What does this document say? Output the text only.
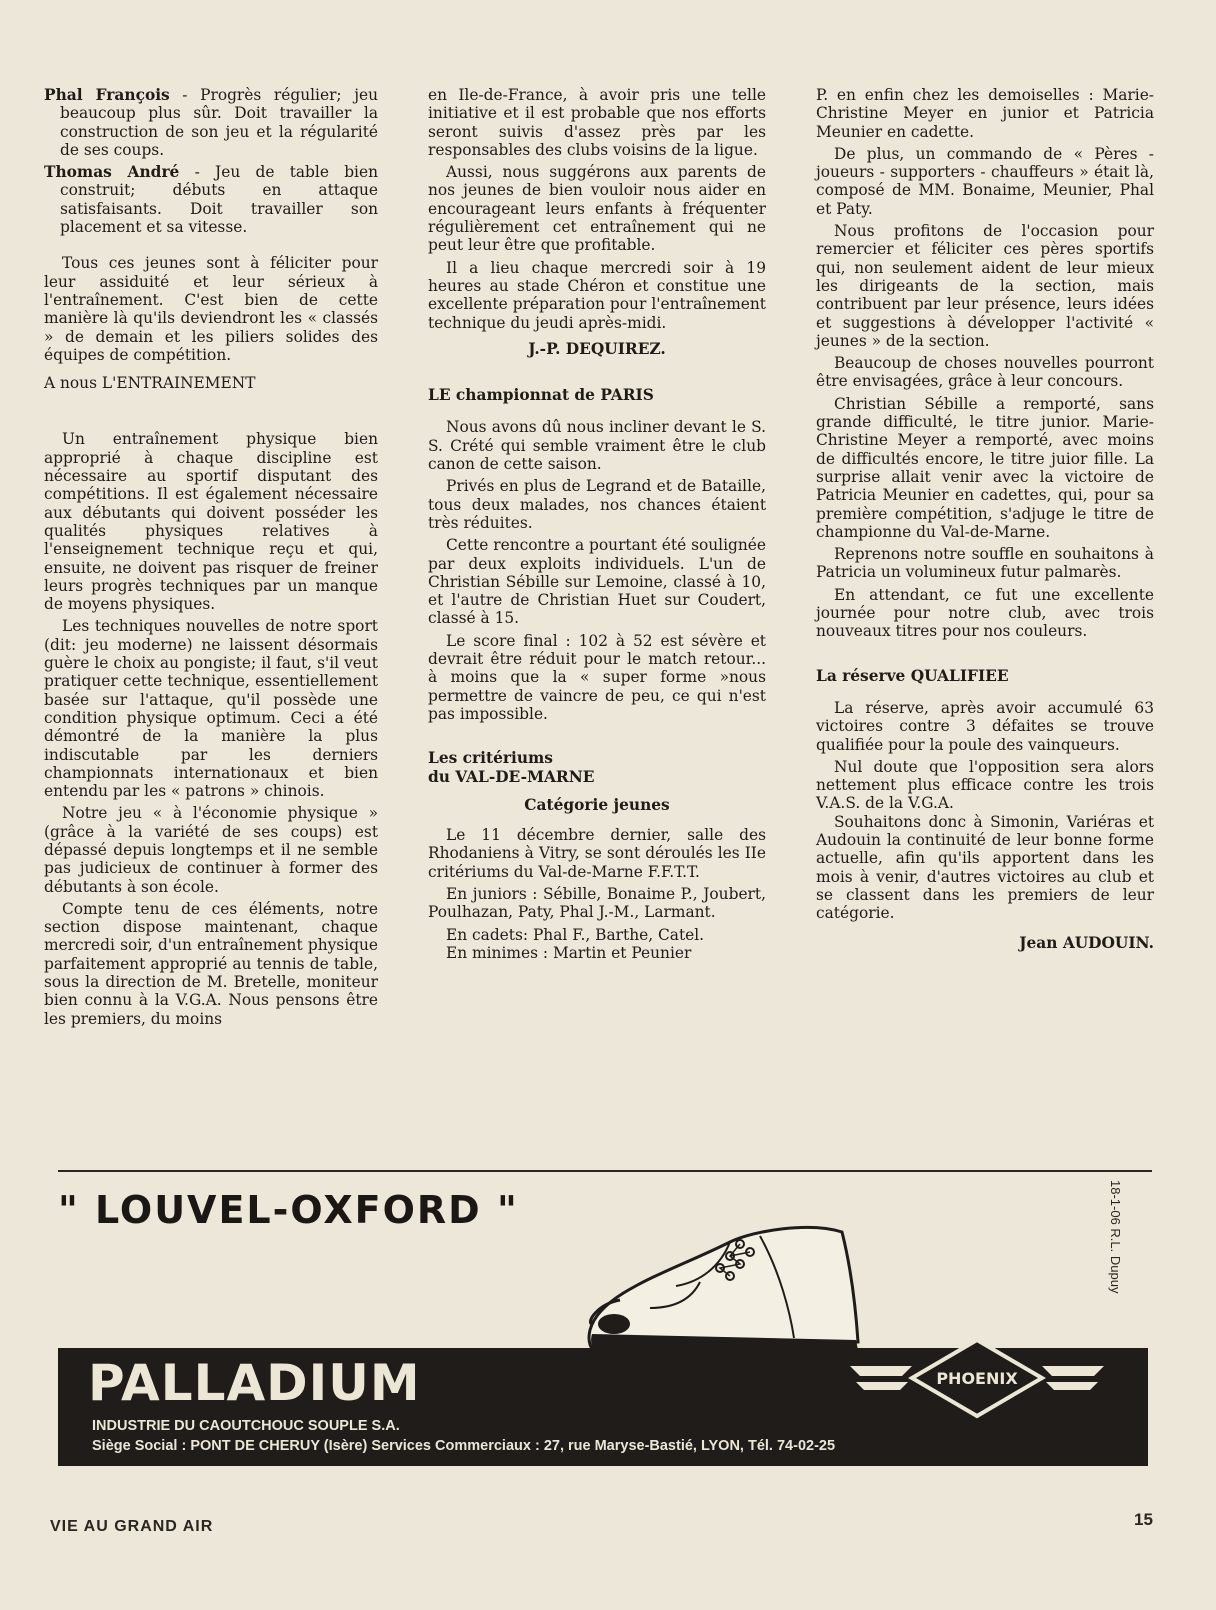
Phal François - Progrès régulier; jeu beaucoup plus sûr. Doit travailler la construction de son jeu et la régularité de ses coups.

Thomas André - Jeu de table bien construit; débuts en attaque satisfaisants. Doit travailler son placement et sa vitesse.

Tous ces jeunes sont à féliciter pour leur assiduité et leur sérieux à l'entraînement. C'est bien de cette manière là qu'ils deviendront les « classés » de demain et les piliers solides des équipes de compétition.

A nous L'ENTRAINEMENT

Un entraînement physique bien approprié à chaque discipline est nécessaire au sportif disputant des compétitions. Il est également nécessaire aux débutants qui doivent posséder les qualités physiques relatives à l'enseignement technique reçu et qui, ensuite, ne doivent pas risquer de freiner leurs progrès techniques par un manque de moyens physiques.

Les techniques nouvelles de notre sport (dit: jeu moderne) ne laissent désormais guère le choix au pongiste; il faut, s'il veut pratiquer cette technique, essentiellement basée sur l'attaque, qu'il possède une condition physique optimum. Ceci a été démontré de la manière la plus indiscutable par les derniers championnats internationaux et bien entendu par les « patrons » chinois.

Notre jeu « à l'économie physique » (grâce à la variété de ses coups) est dépassé depuis longtemps et il ne semble pas judicieux de continuer à former des débutants à son école.

Compte tenu de ces éléments, notre section dispose maintenant, chaque mercredi soir, d'un entraînement physique parfaitement approprié au tennis de table, sous la direction de M. Bretelle, moniteur bien connu à la V.G.A. Nous pensons être les premiers, du moins

en Ile-de-France, à avoir pris une telle initiative et il est probable que nos efforts seront suivis d'assez près par les responsables des clubs voisins de la ligue.

Aussi, nous suggérons aux parents de nos jeunes de bien vouloir nous aider en encourageant leurs enfants à fréquenter régulièrement cet entraînement qui ne peut leur être que profitable.

Il a lieu chaque mercredi soir à 19 heures au stade Chéron et constitue une excellente préparation pour l'entraînement technique du jeudi après-midi.

J.-P. DEQUIREZ.

LE championnat de PARIS

Nous avons dû nous incliner devant le S. S. Crété qui semble vraiment être le club canon de cette saison.

Privés en plus de Legrand et de Bataille, tous deux malades, nos chances étaient très réduites.

Cette rencontre a pourtant été soulignée par deux exploits individuels. L'un de Christian Sébille sur Lemoine, classé à 10, et l'autre de Christian Huet sur Coudert, classé à 15.

Le score final : 102 à 52 est sévère et devrait être réduit pour le match retour... à moins que la « super forme »nous permettre de vaincre de peu, ce qui n'est pas impossible.

Les critériums
du VAL-DE-MARNE

Catégorie jeunes

Le 11 décembre dernier, salle des Rhodaniens à Vitry, se sont déroulés les IIe critériums du Val-de-Marne F.F.T.T.

En juniors : Sébille, Bonaime P., Joubert, Poulhazan, Paty, Phal J.-M., Larmant.

En cadets: Phal F., Barthe, Catel.

En minimes : Martin et Peunier

P. en enfin chez les demoiselles : Marie-Christine Meyer en junior et Patricia Meunier en cadette.

De plus, un commando de « Pères - joueurs - supporters - chauffeurs » était là, composé de MM. Bonaime, Meunier, Phal et Paty.

Nous profitons de l'occasion pour remercier et féliciter ces pères sportifs qui, non seulement aident de leur mieux les dirigeants de la section, mais contribuent par leur présence, leurs idées et suggestions à développer l'activité « jeunes » de la section.

Beaucoup de choses nouvelles pourront être envisagées, grâce à leur concours.

Christian Sébille a remporté, sans grande difficulté, le titre junior. Marie-Christine Meyer a remporté, avec moins de difficultés encore, le titre juior fille. La surprise allait venir avec la victoire de Patricia Meunier en cadettes, qui, pour sa première compétition, s'adjuge le titre de championne du Val-de-Marne.

Reprenons notre souffle en souhaitons à Patricia un volumineux futur palmarès.

En attendant, ce fut une excellente journée pour notre club, avec trois nouveaux titres pour nos couleurs.

La réserve QUALIFIEE

La réserve, après avoir accumulé 63 victoires contre 3 défaites se trouve qualifiée pour la poule des vainqueurs.

Nul doute que l'opposition sera alors nettement plus efficace contre les trois V.A.S. de la V.G.A.

Souhaitons donc à Simonin, Variéras et Audouin la continuité de leur bonne forme actuelle, afin qu'ils apportent dans les mois à venir, d'autres victoires au club et se classent dans les premiers de leur catégorie.

Jean AUDOUIN.

" LOUVEL-OXFORD "	18-1-06 R.L. Dupuy
PALLADIUM
INDUSTRIE DU CAOUTCHOUC SOUPLE S.A.
Siège Social : PONT DE CHERUY (Isère) Services Commerciaux : 27, rue Maryse-Bastié, LYON, Tél. 74-02-25
PHOENIX
VIE AU GRAND AIR	15
